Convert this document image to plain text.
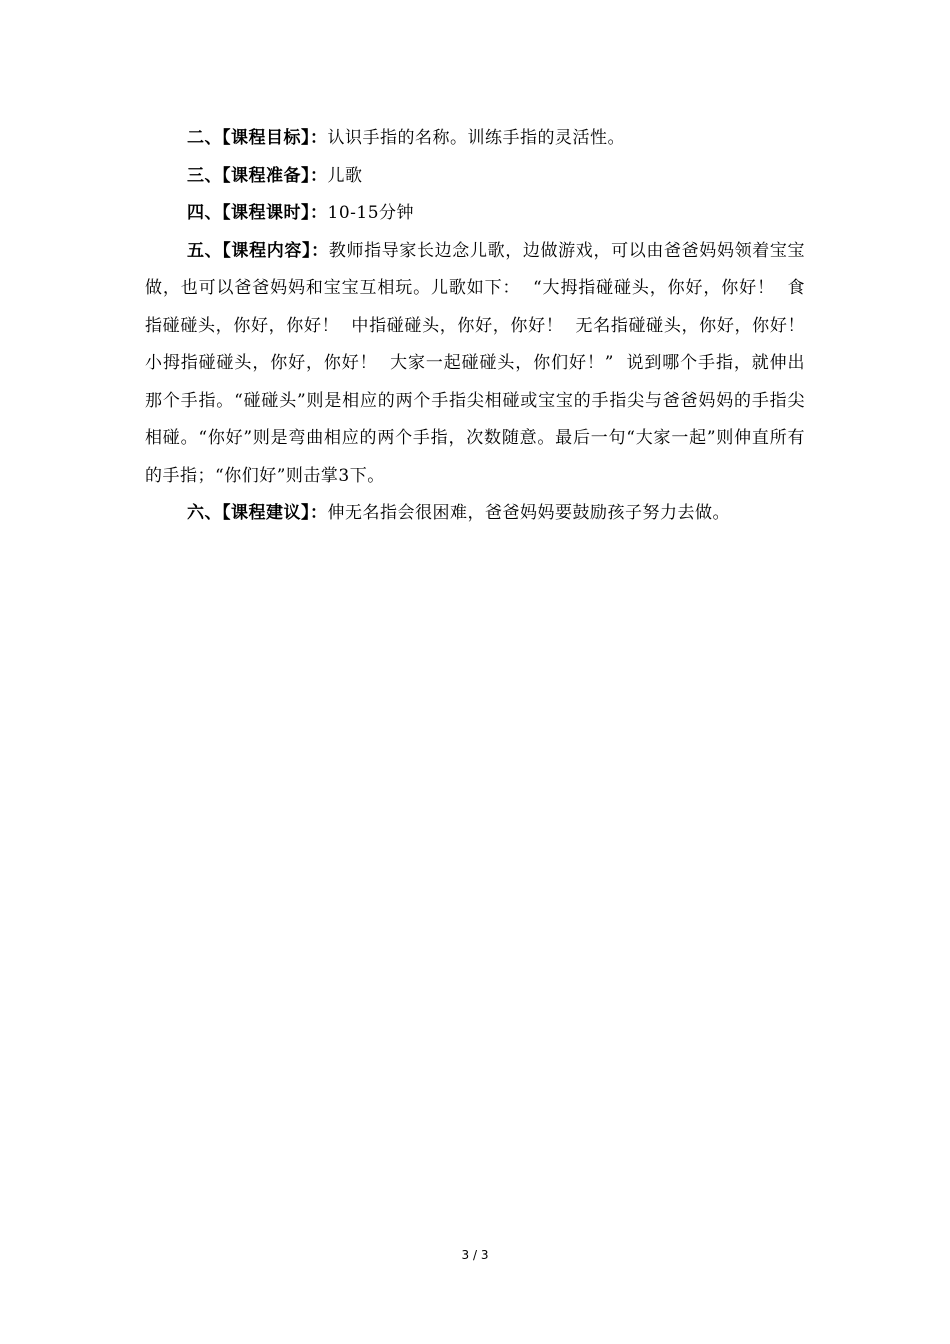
二、【课程目标】：认识手指的名称。训练手指的灵活性。

三、【课程准备】：儿歌

四、【课程课时】：10-15分钟

五、【课程内容】：教师指导家长边念儿歌，边做游戏，可以由爸爸妈妈领着宝宝做，也可以爸爸妈妈和宝宝互相玩。儿歌如下：  “大拇指碰碰头，你好，你好！  食指碰碰头，你好，你好！  中指碰碰头，你好，你好！  无名指碰碰头，你好，你好！  小拇指碰碰头，你好，你好！  大家一起碰碰头，你们好！”  说到哪个手指，就伸出那个手指。“碰碰头”则是相应的两个手指尖相碰或宝宝的手指尖与爸爸妈妈的手指尖相碰。“你好”则是弯曲相应的两个手指，次数随意。最后一句“大家一起”则伸直所有的手指；“你们好”则击掌3下。

六、【课程建议】：伸无名指会很困难，爸爸妈妈要鼓励孩子努力去做。

3 / 3
